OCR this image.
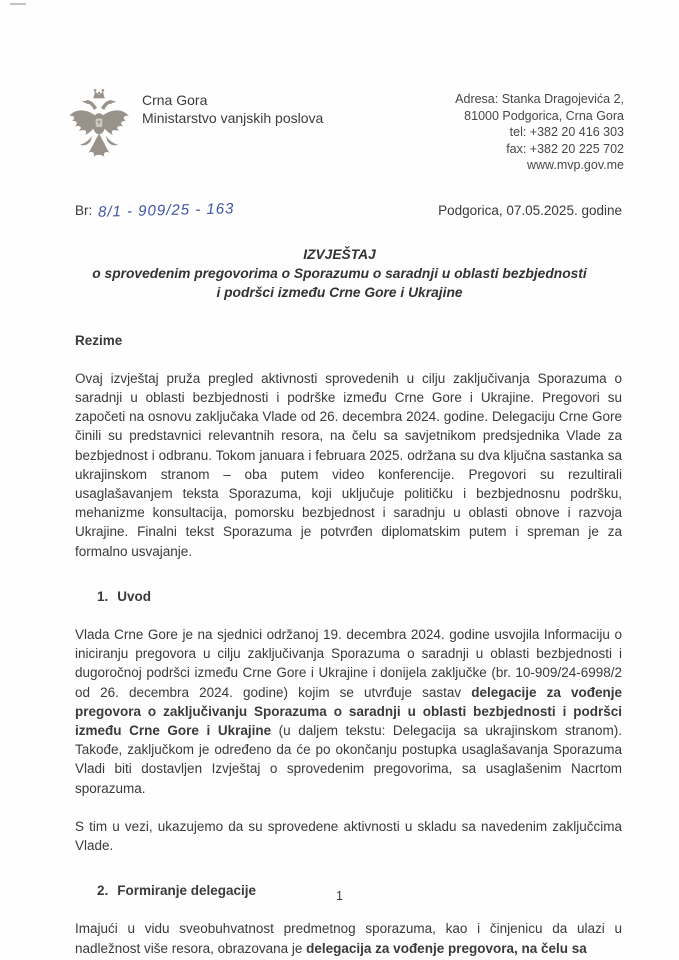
Crna Gora
Ministarstvo vanjskih poslova
Adresa: Stanka Dragojevića 2,
81000 Podgorica, Crna Gora
tel: +382 20 416 303
fax: +382 20 225 702
www.mvp.gov.me
Br: 8/1 - 909/25 - 163	Podgorica, 07.05.2025. godine
IZVJEŠTAJ
o sprovedenim pregovorima o Sporazumu o saradnji u oblasti bezbjednosti
i podršci između Crne Gore i Ukrajine
Rezime

Ovaj izvještaj pruža pregled aktivnosti sprovedenih u cilju zaključivanja Sporazuma o saradnji u oblasti bezbjednosti i podrške između Crne Gore i Ukrajine. Pregovori su započeti na osnovu zaključaka Vlade od 26. decembra 2024. godine. Delegaciju Crne Gore činili su predstavnici relevantnih resora, na čelu sa savjetnikom predsjednika Vlade za bezbjednost i odbranu. Tokom januara i februara 2025. održana su dva ključna sastanka sa ukrajinskom stranom – oba putem video konferencije. Pregovori su rezultirali usaglašavanjem teksta Sporazuma, koji uključuje političku i bezbjednosnu podršku, mehanizme konsultacija, pomorsku bezbjednost i saradnju u oblasti obnove i razvoja Ukrajine. Finalni tekst Sporazuma je potvrđen diplomatskim putem i spreman je za formalno usvajanje.

1. Uvod

Vlada Crne Gore je na sjednici održanoj 19. decembra 2024. godine usvojila Informaciju o iniciranju pregovora u cilju zaključivanja Sporazuma o saradnji u oblasti bezbjednosti i dugoročnoj podršci između Crne Gore i Ukrajine i donijela zaključke (br. 10-909/24-6998/2 od 26. decembra 2024. godine) kojim se utvrđuje sastav delegacije za vođenje pregovora o zaključivanju Sporazuma o saradnji u oblasti bezbjednosti i podršci između Crne Gore i Ukrajine (u daljem tekstu: Delegacija sa ukrajinskom stranom). Takođe, zaključkom je određeno da će po okončanju postupka usaglašavanja Sporazuma Vladi biti dostavljen Izvještaj o sprovedenim pregovorima, sa usaglašenim Nacrtom sporazuma.

S tim u vezi, ukazujemo da su sprovedene aktivnosti u skladu sa navedenim zaključcima Vlade.

2. Formiranje delegacije

Imajući u vidu sveobuhvatnost predmetnog sporazuma, kao i činjenicu da ulazi u nadležnost više resora, obrazovana je delegacija za vođenje pregovora, na čelu sa

1
